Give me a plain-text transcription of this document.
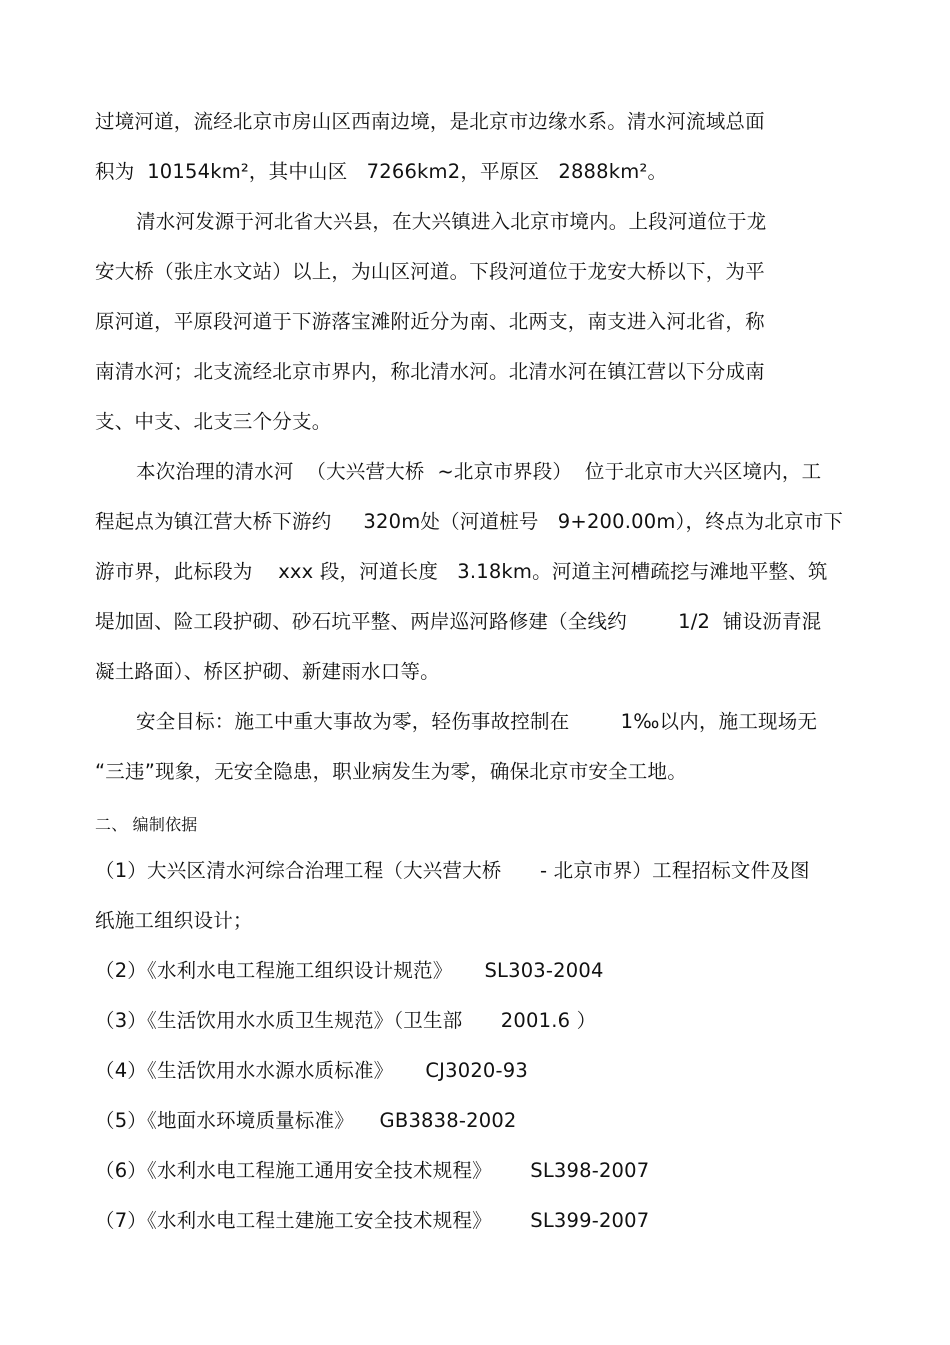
过境河道，流经北京市房山区西南边境，是北京市边缘水系。清水河流域总面
积为  10154km²，其中山区   7266km2，平原区   2888km²。
清水河发源于河北省大兴县，在大兴镇进入北京市境内。上段河道位于龙
安大桥（张庄水文站）以上，为山区河道。下段河道位于龙安大桥以下，为平
原河道，平原段河道于下游落宝滩附近分为南、北两支，南支进入河北省，称
南清水河；北支流经北京市界内，称北清水河。北清水河在镇江营以下分成南
支、中支、北支三个分支。
本次治理的清水河  （大兴营大桥  ~北京市界段）  位于北京市大兴区境内，工
程起点为镇江营大桥下游约     320m处（河道桩号   9+200.00m），终点为北京市下
游市界，此标段为    xxx 段，河道长度   3.18km。河道主河槽疏挖与滩地平整、筑
堤加固、险工段护砌、砂石坑平整、两岸巡河路修建（全线约        1/2  铺设沥青混
凝土路面）、桥区护砌、新建雨水口等。
安全目标：施工中重大事故为零，轻伤事故控制在        1‰以内，施工现场无
“三违”现象，无安全隐患，职业病发生为零，确保北京市安全工地。
二、 编制依据
（1）大兴区清水河综合治理工程（大兴营大桥      - 北京市界）工程招标文件及图
纸施工组织设计；
（2）《水利水电工程施工组织设计规范》     SL303-2004
（3）《生活饮用水水质卫生规范》（卫生部      2001.6 ）
（4）《生活饮用水水源水质标准》     CJ3020-93
（5）《地面水环境质量标准》    GB3838-2002
（6）《水利水电工程施工通用安全技术规程》      SL398-2007
（7）《水利水电工程土建施工安全技术规程》      SL399-2007
